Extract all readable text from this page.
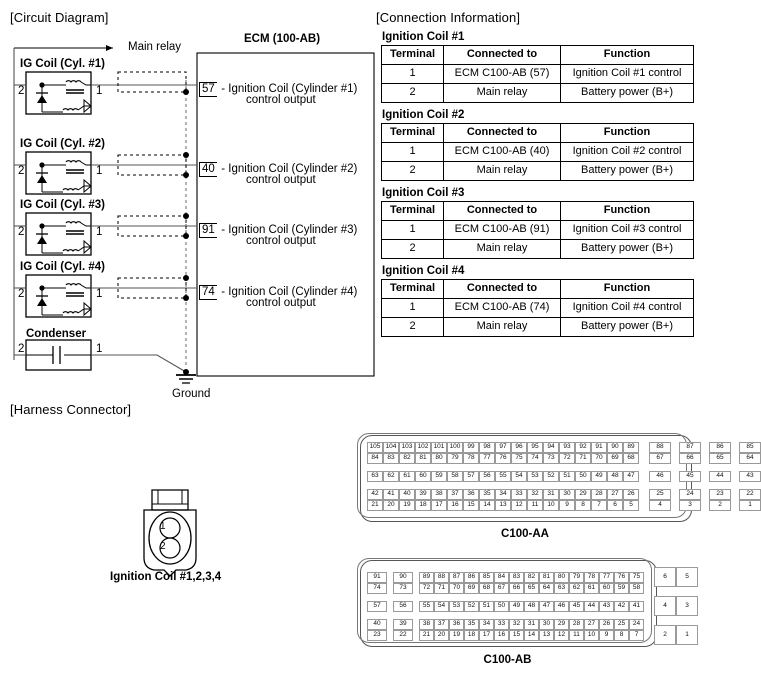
[Circuit Diagram]	[Connection Information]
[Harness Connector]
Main relay
ECM (100-AB)
Ground
Condenser
IG Coil (Cyl. #1)
IG Coil (Cyl. #2)
IG Coil (Cyl. #3)
IG Coil (Cyl. #4)
2	1
2	1
2	1
2	1
2	1
57 - Ignition Coil (Cylinder #1)
control output
40 - Ignition Coil (Cylinder #2)
control output
91 - Ignition Coil (Cylinder #3)
control output
74 - Ignition Coil (Cylinder #4)
control output
Ignition Coil #1
Terminal	Connected to	Function
1	ECM C100-AB (57)	Ignition Coil #1 control
2	Main relay	Battery power (B+)
Ignition Coil #2
Terminal	Connected to	Function
1	ECM C100-AB (40)	Ignition Coil #2 control
2	Main relay	Battery power (B+)
Ignition Coil #3
Terminal	Connected to	Function
1	ECM C100-AB (91)	Ignition Coil #3 control
2	Main relay	Battery power (B+)
Ignition Coil #4
Terminal	Connected to	Function
1	ECM C100-AB (74)	Ignition Coil #4 control
2	Main relay	Battery power (B+)
1
2
Ignition Coil #1,2,3,4
105 104 103 102 101 100	99	98	97	96	95	94	93	92	91	90	89
84	83	82	81	80	79	78	77	76	75	74	73	72	71	70	69	68
88
67
87
66
86
65
85
64
63	62	61	60	59	58	57	56	55	54	53	52	51	50	49	48	47	46	45	44	43
42	41	40	39	38	37	36	35	34	33	32	31	30	29	28	27	26
21	20	19	18	17	16	15	14	13	12	11	10	9	8	7	6	5
25
4
24
3
23
2
22
1
C100-AA
91
74
90
73
89	88	87	86	85	84	83	82	81	80	79	78	77	76	75
72	71	70	69	68	67	66	65	64	63	62	61	60	59	58
57	56	55	54	53	52	51	50	49	48	47	46	45	44	43	42	41
40
23
39
22
38	37	36	35	34	33	32	31	30	29	28	27	26	25	24
21	20	19	18	17	16	15	14	13	12	11	10	9	8	7
6	5
4	3
2	1
C100-AB
